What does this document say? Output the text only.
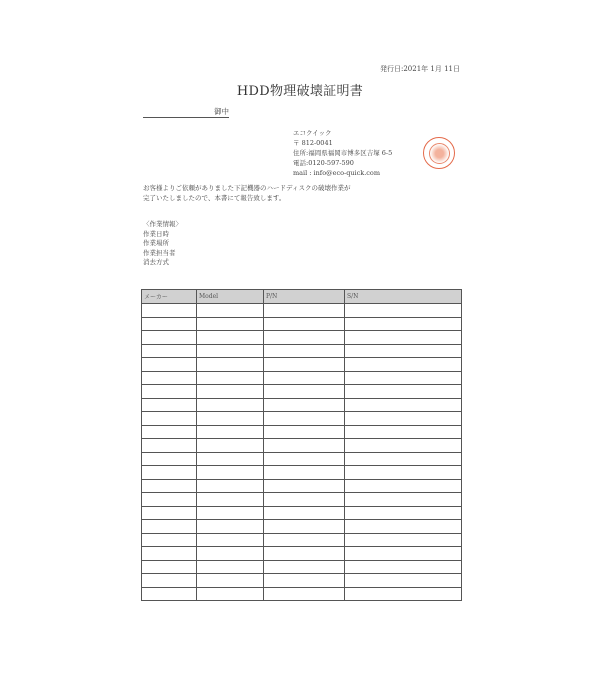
発行日:2021年 1月 11日
HDD物理破壊証明書
御中
エコクイック
〒 812-0041
住所:福岡県福岡市博多区吉塚 6-5
電話:0120-597-590
mail : info@eco-quick.com
お客様よりご依頼がありました下記機器のハードディスクの破壊作業が
完了いたしましたので、本書にて報告致します。
〈作業情報〉
作業日時
作業場所
作業担当者
消去方式
メーカー	Model	P/N	S/N
